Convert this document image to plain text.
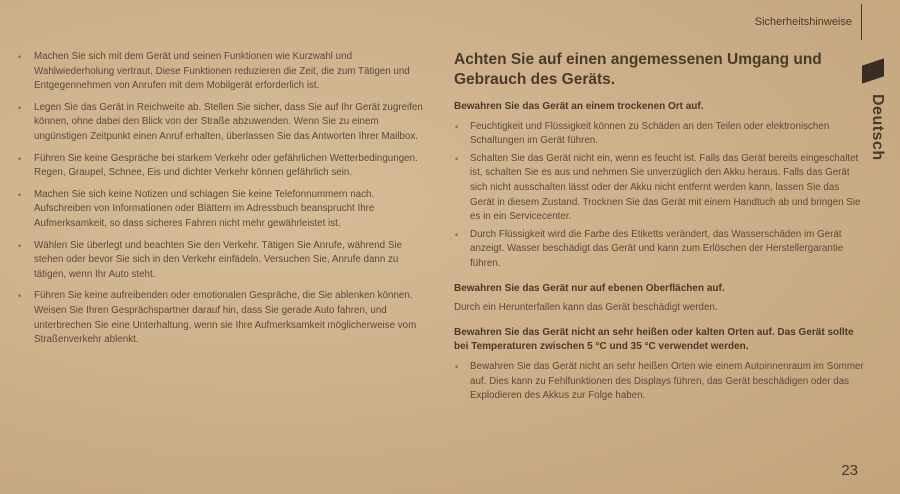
Sicherheitshinweise
Deutsch
• Machen Sie sich mit dem Gerät und seinen Funktionen wie Kurzwahl und Wahlwiederholung vertraut. Diese Funktionen reduzieren die Zeit, die zum Tätigen und Entgegennehmen von Anrufen mit dem Mobilgerät erforderlich ist.
• Legen Sie das Gerät in Reichweite ab. Stellen Sie sicher, dass Sie auf Ihr Gerät zugreifen können, ohne dabei den Blick von der Straße abzuwenden. Wenn Sie zu einem ungünstigen Zeitpunkt einen Anruf erhalten, überlassen Sie das Antworten Ihrer Mailbox.
• Führen Sie keine Gespräche bei starkem Verkehr oder gefährlichen Wetterbedingungen. Regen, Graupel, Schnee, Eis und dichter Verkehr können gefährlich sein.
• Machen Sie sich keine Notizen und schlagen Sie keine Telefonnummern nach. Aufschreiben von Informationen oder Blättern im Adressbuch beansprucht Ihre Aufmerksamkeit, so dass sicheres Fahren nicht mehr gewährleistet ist.
• Wählen Sie überlegt und beachten Sie den Verkehr. Tätigen Sie Anrufe, während Sie stehen oder bevor Sie sich in den Verkehr einfädeln. Versuchen Sie, Anrufe dann zu tätigen, wenn Ihr Auto steht.
• Führen Sie keine aufreibenden oder emotionalen Gespräche, die Sie ablenken können. Weisen Sie Ihren Gesprächspartner darauf hin, dass Sie gerade Auto fahren, und unterbrechen Sie eine Unterhaltung, wenn sie Ihre Aufmerksamkeit möglicherweise vom Straßenverkehr ablenkt.
Achten Sie auf einen angemessenen Umgang und Gebrauch des Geräts.
Bewahren Sie das Gerät an einem trockenen Ort auf.
• Feuchtigkeit und Flüssigkeit können zu Schäden an den Teilen oder elektronischen Schaltungen im Gerät führen.
• Schalten Sie das Gerät nicht ein, wenn es feucht ist. Falls das Gerät bereits eingeschaltet ist, schalten Sie es aus und nehmen Sie unverzüglich den Akku heraus. Falls das Gerät sich nicht ausschalten lässt oder der Akku nicht entfernt werden kann, lassen Sie das Gerät in diesem Zustand. Trocknen Sie das Gerät mit einem Handtuch ab und bringen Sie es in ein Servicecenter.
• Durch Flüssigkeit wird die Farbe des Etiketts verändert, das Wasserschäden im Gerät anzeigt. Wasser beschädigt das Gerät und kann zum Erlöschen der Herstellergarantie führen.
Bewahren Sie das Gerät nur auf ebenen Oberflächen auf.
Durch ein Herunterfallen kann das Gerät beschädigt werden.
Bewahren Sie das Gerät nicht an sehr heißen oder kalten Orten auf. Das Gerät sollte bei Temperaturen zwischen 5 °C und 35 °C verwendet werden.
• Bewahren Sie das Gerät nicht an sehr heißen Orten wie einem Autoinnenraum im Sommer auf. Dies kann zu Fehlfunktionen des Displays führen, das Gerät beschädigen oder das Explodieren des Akkus zur Folge haben.
23
